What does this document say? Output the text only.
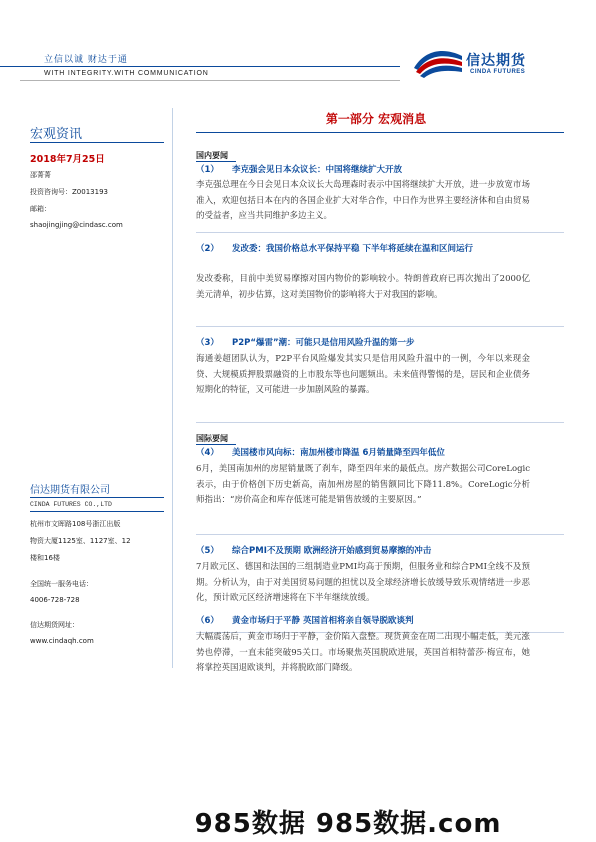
立信以诚 财达于通
WITH INTEGRITY.WITH COMMUNICATION
信达期货
CINDA FUTURES
宏观资讯
2018年7月25日
邵菁菁
投资咨询号：Z0013193
邮箱：
shaojingjing@cindasc.com
信达期货有限公司
CINDA FUTURES CO.,LTD
杭州市文晖路108号浙江出版
物资大厦1125室、1127室、12
楼和16楼
全国统一服务电话：
4006-728-728
信达期货网址：
www.cindaqh.com
第一部分 宏观消息
国内要闻
（1） 李克强会见日本众议长：中国将继续扩大开放
李克强总理在今日会见日本众议长大岛理森时表示中国将继续扩大开放，进一步放宽市场准入，欢迎包括日本在内的各国企业扩大对华合作，中日作为世界主要经济体和自由贸易的受益者，应当共同维护多边主义。
（2） 发改委：我国价格总水平保持平稳 下半年将延续在温和区间运行
发改委称，目前中美贸易摩擦对国内物价的影响较小。特朗普政府已再次抛出了2000亿美元清单，初步估算，这对美国物价的影响将大于对我国的影响。
（3） P2P“爆雷”潮：可能只是信用风险升温的第一步
海通姜超团队认为，P2P平台风险爆发其实只是信用风险升温中的一例，今年以来现金贷、大规模质押股票融资的上市股东等也问题频出。未来值得警惕的是，居民和企业债务短期化的特征，又可能进一步加剧风险的暴露。
国际要闻
（4） 美国楼市风向标：南加州楼市降温 6月销量降至四年低位
6月，美国南加州的房屋销量既了刹车，降至四年来的最低点。房产数据公司CoreLogic表示，由于价格创下历史新高，南加州房屋的销售额同比下降11.8%。CoreLogic分析师指出：“房价高企和库存低迷可能是销售放缓的主要原因。”
（5） 综合PMI不及预期 欧洲经济开始感到贸易摩擦的冲击
7月欧元区、德国和法国的三组制造业PMI均高于预期，但服务业和综合PMI全线不及预期。分析认为，由于对美国贸易问题的担忧以及全球经济增长放缓导致乐观情绪进一步恶化，预计欧元区经济增速将在下半年继续放缓。
（6） 黄金市场归于平静 英国首相将亲自领导脱欧谈判
大幅震荡后，黄金市场归于平静，金价陷入盘整。现货黄金在周二出现小幅走低，美元涨势也停滞，一直未能突破95关口。市场聚焦英国脱欧进展，英国首相特蕾莎·梅宣布，她将掌控英国退欧谈判，并将脱欧部门降级。
985数据 985数据.com
